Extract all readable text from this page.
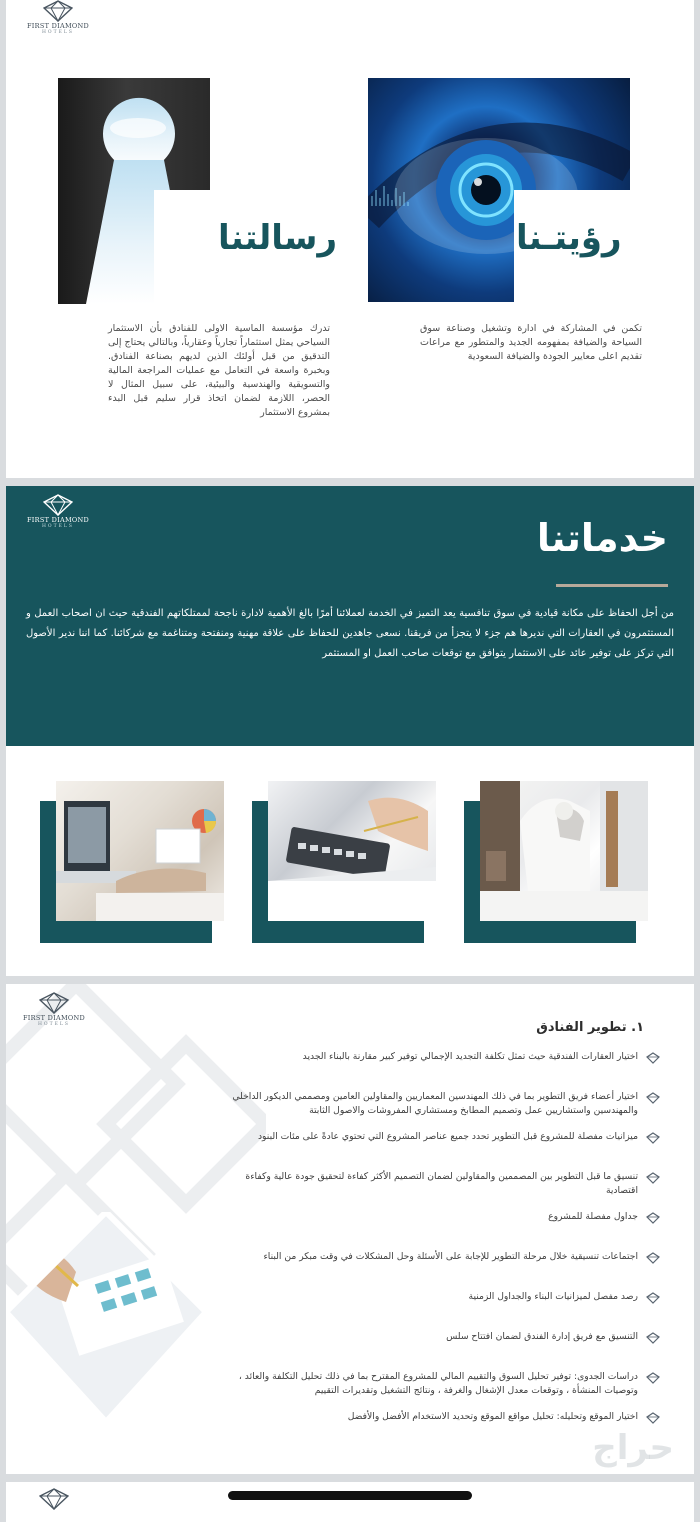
FIRST DIAMOND
HOTELS
رسالتنا	رؤيتـنا
تدرك مؤسسة الماسية الاولى للفنادق بأن الاستثمار السياحي يمثل استثماراً تجارياً وعقارياً، وبالتالي يحتاج إلى التدقيق من قبل أولئك الذين لديهم بصناعة الفنادق. وبخبرة واسعة في التعامل مع عمليات المراجعة المالية والتسويقية والهندسية والبيئية، على سبيل المثال لا الحصر، اللازمة لضمان اتخاذ قرار سليم قبل البدء بمشروع الاستثمار
تكمن في المشاركة في ادارة وتشغيل وصناعة سوق السياحة والضيافة بمفهومه الجديد والمتطور مع مراعات تقديم اعلى معايير الجودة والضيافة السعودية
FIRST DIAMOND
HOTELS	خدماتنا
من أجل الحفاظ على مكانة قيادية في سوق تنافسية يعد التميز في الخدمة لعملائنا أمرًا بالغ الأهمية لادارة ناجحة لممتلكاتهم الفندقية حيث ان اصحاب العمل و المستثمرون في العقارات التي نديرها هم جزء لا يتجزأ من فريقنا. نسعى جاهدين للحفاظ على علاقة مهنية ومنفتحة ومتناغمة مع شركائنا. كما اننا ندير الأصول التي تركز على توفير عائد على الاستثمار يتوافق مع توقعات صاحب العمل او المستثمر
FIRST DIAMOND
HOTELS	١. تطوير الفنادق
اختيار العقارات الفندقية حيث تمثل تكلفة التجديد الإجمالي توفير كبير مقارنة بالبناء الجديد
اختيار أعضاء فريق التطوير بما في ذلك المهندسين المعماريين والمقاولين العامين ومصممي الديكور الداخلي والمهندسين واستشاريين عمل وتصميم المطابخ ومستشاري المفروشات والاصول الثابتة
ميزانيات مفصلة للمشروع قبل التطوير تحدد جميع عناصر المشروع التي تحتوي عادةً على مئات البنود
تنسيق ما قبل التطوير بين المصممين والمقاولين لضمان التصميم الأكثر كفاءة لتحقيق جودة عالية وكفاءة اقتصادية
جداول مفصلة للمشروع
اجتماعات تنسيقية خلال مرحلة التطوير للإجابة على الأسئلة وحل المشكلات في وقت مبكر من البناء
رصد مفصل لميزانيات البناء والجداول الزمنية
التنسيق مع فريق إدارة الفندق لضمان افتتاح سلس
دراسات الجدوى: توفير تحليل السوق والتقييم المالي للمشروع المقترح بما في ذلك تحليل التكلفة والعائد ، وتوصيات المنشأة ، وتوقعات معدل الإشغال والغرفة ، ونتائج التشغيل وتقديرات التقييم
اختيار الموقع وتحليله: تحليل مواقع الموقع وتحديد الاستخدام الأفضل والأفضل
حراج
